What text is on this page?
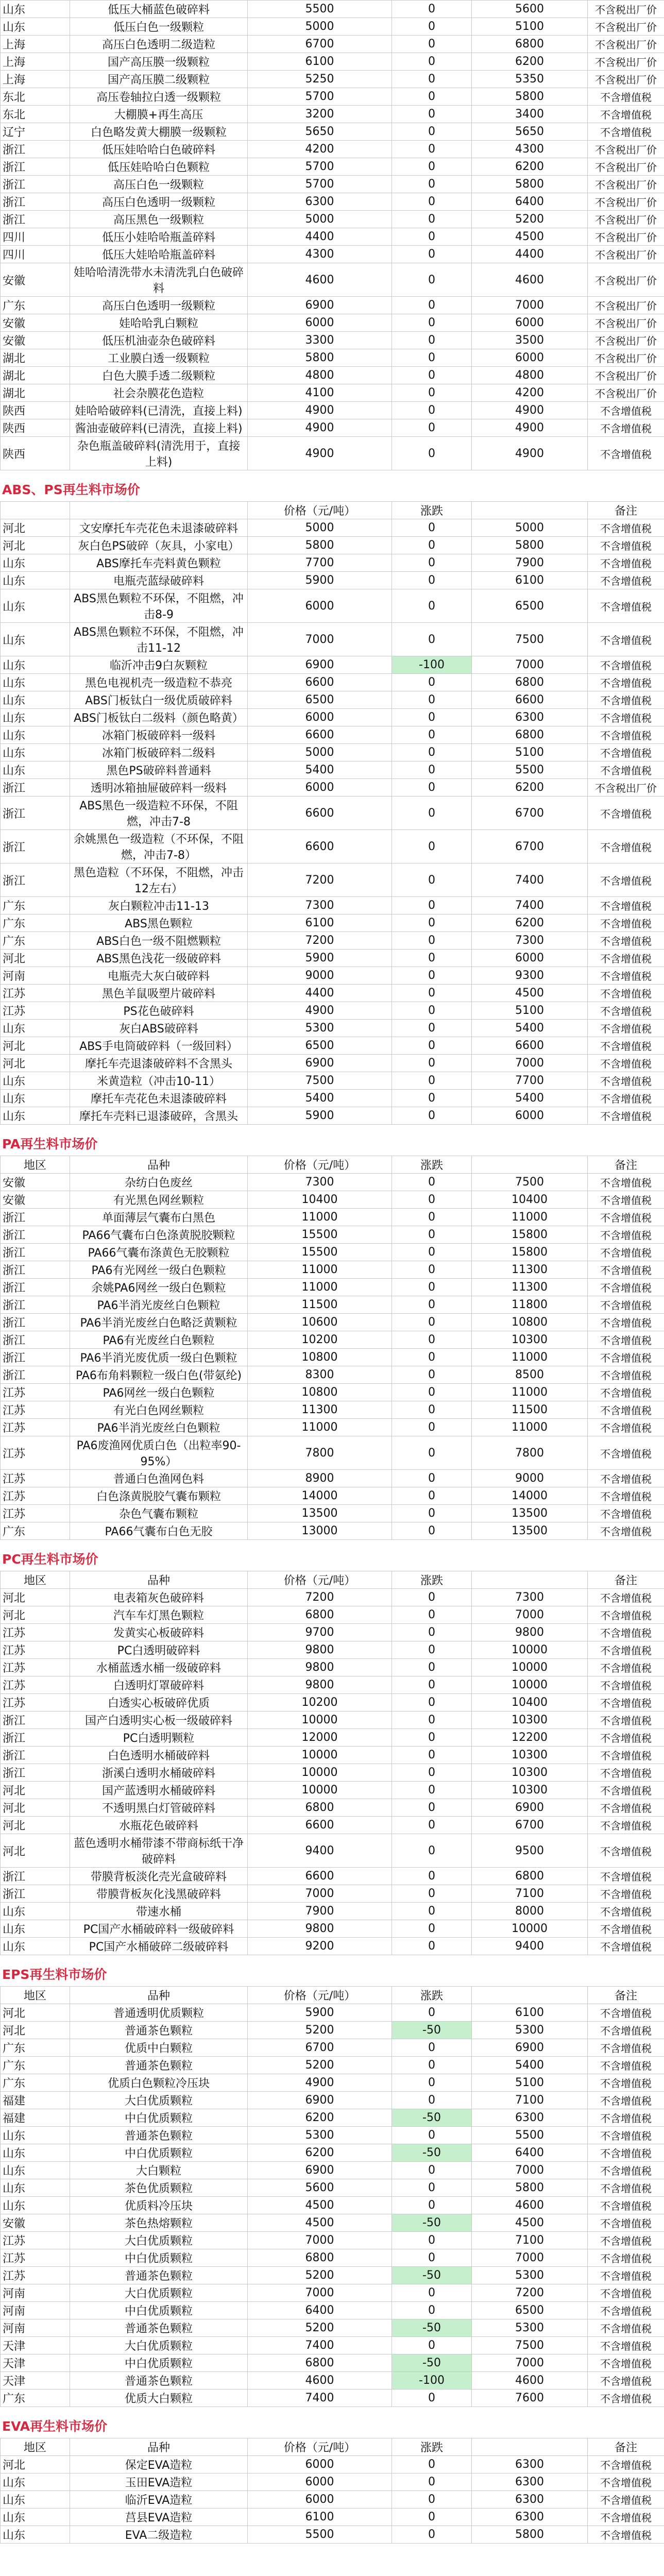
山东	低压大桶蓝色破碎料	5500	0	5600	不含税出厂价
山东	低压白色一级颗粒	5000	0	5100	不含税出厂价
上海	高压白色透明二级造粒	6700	0	6800	不含税出厂价
上海	国产高压膜一级颗粒	6100	0	6200	不含税出厂价
上海	国产高压膜二级颗粒	5250	0	5350	不含税出厂价
东北	高压卷轴拉白透一级颗粒	5700	0	5800	不含增值税
东北	大棚膜+再生高压	3200	0	3400	不含增值税
辽宁	白色略发黄大棚膜一级颗粒	5650	0	5650	不含增值税
浙江	低压娃哈哈白色破碎料	4200	0	4300	不含税出厂价
浙江	低压娃哈哈白色颗粒	5700	0	6200	不含税出厂价
浙江	高压白色一级颗粒	5700	0	5800	不含税出厂价
浙江	高压白色透明一级颗粒	6300	0	6400	不含税出厂价
浙江	高压黑色一级颗粒	5000	0	5200	不含税出厂价
四川	低压小娃哈哈瓶盖碎料	4400	0	4500	不含税出厂价
四川	低压大娃哈哈瓶盖碎料	4300	0	4400	不含税出厂价
安徽	娃哈哈清洗带水未清洗乳白色破碎料	4600	0	4600	不含税出厂价
广东	高压白色透明一级颗粒	6900	0	7000	不含税出厂价
安徽	娃哈哈乳白颗粒	6000	0	6000	不含税出厂价
安徽	低压机油壶杂色破碎料	3300	0	3500	不含税出厂价
湖北	工业膜白透一级颗粒	5800	0	6000	不含税出厂价
湖北	白色大膜手透二级颗粒	4800	0	4800	不含税出厂价
湖北	社会杂膜花色造粒	4100	0	4200	不含税出厂价
陕西	娃哈哈破碎料(已清洗，直接上料)	4900	0	4900	不含增值税
陕西	酱油壶破碎料(已清洗，直接上料)	4900	0	4900	不含增值税
陕西	杂色瓶盖破碎料(清洗用于，直接上料)	4900	0	4900	不含增值税
ABS、PS再生料市场价
		价格（元/吨）	涨跌		备注
河北	文安摩托车壳花色未退漆破碎料	5000	0	5000	不含增值税
河北	灰白色PS破碎（灰具，小家电）	5800	0	5800	不含增值税
山东	ABS摩托车壳料黄色颗粒	7700	0	7900	不含增值税
山东	电瓶壳蓝绿破碎料	5900	0	6100	不含增值税
山东	ABS黑色颗粒不环保，不阻燃，冲击8-9	6000	0	6500	不含增值税
山东	ABS黑色颗粒不环保，不阻燃，冲击11-12	7000	0	7500	不含增值税
山东	临沂冲击9白灰颗粒	6900	-100	7000	不含增值税
山东	黑色电视机壳一级造粒不恭亮	6600	0	6800	不含增值税
山东	ABS门板钛白一级优质破碎料	6500	0	6600	不含增值税
山东	ABS门板钛白二级料（颜色略黄）	6000	0	6300	不含增值税
山东	冰箱门板破碎料一级料	6600	0	6800	不含增值税
山东	冰箱门板破碎料二级料	5000	0	5100	不含增值税
山东	黑色PS破碎料普通料	5400	0	5500	不含增值税
浙江	透明冰箱抽屉破碎料一级料	6000	0	6200	不含税出厂价
浙江	ABS黑色一级造粒不环保，不阻燃，冲击7-8	6600	0	6700	不含增值税
浙江	余姚黑色一级造粒（不环保，不阻燃，冲击7-8）	6600	0	6700	不含增值税
浙江	黑色造粒（不环保，不阻燃，冲击12左右）	7200	0	7400	不含增值税
广东	灰白颗粒冲击11-13	7300	0	7400	不含增值税
广东	ABS黑色颗粒	6100	0	6200	不含增值税
广东	ABS白色一级不阻燃颗粒	7200	0	7300	不含增值税
河北	ABS黑色浅花一级破碎料	5900	0	6000	不含增值税
河南	电瓶壳大灰白破碎料	9000	0	9300	不含增值税
江苏	黑色羊鼠吸塑片破碎料	4400	0	4500	不含增值税
江苏	PS花色破碎料	4900	0	5100	不含增值税
山东	灰白ABS破碎料	5300	0	5400	不含增值税
河北	ABS手电筒破碎料（一级回料）	6500	0	6600	不含增值税
河北	摩托车壳退漆破碎料不含黑头	6900	0	7000	不含增值税
山东	米黄造粒（冲击10-11）	7500	0	7700	不含增值税
山东	摩托车壳花色未退漆破碎料	5400	0	5400	不含增值税
山东	摩托车壳料已退漆破碎，含黑头	5900	0	6000	不含增值税
PA再生料市场价
地区	品种	价格（元/吨）	涨跌		备注
安徽	杂纺白色废丝	7300	0	7500	不含增值税
安徽	有光黑色网丝颗粒	10400	0	10400	不含增值税
浙江	单面薄层气囊布白黑色	11000	0	11000	不含增值税
浙江	PA66气囊布白色涤黄脱胶颗粒	15500	0	15800	不含增值税
浙江	PA66气囊布涤黄色无胶颗粒	15500	0	15800	不含增值税
浙江	PA6有光网丝一级白色颗粒	11000	0	11300	不含增值税
浙江	余姚PA6网丝一级白色颗粒	11000	0	11300	不含增值税
浙江	PA6半消光废丝白色颗粒	11500	0	11800	不含增值税
浙江	PA6半消光废丝白色略泛黄颗粒	10600	0	10800	不含增值税
浙江	PA6有光废丝白色颗粒	10200	0	10300	不含增值税
浙江	PA6半消光废优质一级白色颗粒	10800	0	11000	不含增值税
浙江	PA6布角料颗粒一级白色(带氨纶)	8300	0	8500	不含增值税
江苏	PA6网丝一级白色颗粒	10800	0	11000	不含增值税
江苏	有光白色网丝颗粒	11300	0	11500	不含增值税
江苏	PA6半消光废丝白色颗粒	11000	0	11000	不含增值税
江苏	PA6废渔网优质白色（出粒率90-95%）	7800	0	7800	不含增值税
江苏	普通白色渔网色料	8900	0	9000	不含增值税
江苏	白色涤黄脱胶气囊布颗粒	14000	0	14000	不含增值税
江苏	杂色气囊布颗粒	13500	0	13500	不含增值税
广东	PA66气囊布白色无胶	13000	0	13500	不含增值税
PC再生料市场价
地区	品种	价格（元/吨）	涨跌		备注
河北	电表箱灰色破碎料	7200	0	7300	不含增值税
河北	汽车车灯黑色颗粒	6800	0	7000	不含增值税
江苏	发黄实心板破碎料	9700	0	9800	不含增值税
江苏	PC白透明破碎料	9800	0	10000	不含增值税
江苏	水桶蓝透水桶一级破碎料	9800	0	10000	不含增值税
江苏	白透明灯罩破碎料	9800	0	10000	不含增值税
江苏	白透实心板破碎优质	10200	0	10400	不含增值税
浙江	国产白透明实心板一级破碎料	10000	0	10300	不含增值税
浙江	PC白透明颗粒	12000	0	12200	不含增值税
浙江	白色透明水桶破碎料	10000	0	10300	不含增值税
浙江	浙溪白透明水桶破碎料	10000	0	10300	不含增值税
河北	国产蓝透明水桶破碎料	10000	0	10300	不含增值税
河北	不透明黑白灯管破碎料	6800	0	6900	不含增值税
河北	水瓶花色破碎料	6600	0	6700	不含增值税
河北	蓝色透明水桶带漆不带商标纸干净破碎料	9400	0	9500	不含增值税
浙江	带膜背板淡化壳光盒破碎料	6600	0	6800	不含增值税
浙江	带膜背板灰化浅黑破碎料	7000	0	7100	不含增值税
山东	带速水桶	7900	0	8000	不含增值税
山东	PC国产水桶破碎料一级破碎料	9800	0	10000	不含增值税
山东	PC国产水桶破碎二级破碎料	9200	0	9400	不含增值税
EPS再生料市场价
地区	品种	价格（元/吨）	涨跌		备注
河北	普通透明优质颗粒	5900	0	6100	不含增值税
河北	普通茶色颗粒	5200	-50	5300	不含增值税
广东	优质中白颗粒	6700	0	6900	不含增值税
广东	普通茶色颗粒	5200	0	5400	不含增值税
广东	优质白色颗粒冷压块	4900	0	5100	不含增值税
福建	大白优质颗粒	6900	0	7100	不含增值税
福建	中白优质颗粒	6200	-50	6300	不含增值税
山东	普通茶色颗粒	5300	0	5500	不含增值税
山东	中白优质颗粒	6200	-50	6400	不含增值税
山东	大白颗粒	6900	0	7000	不含增值税
山东	茶色优质颗粒	5600	0	5800	不含增值税
山东	优质料冷压块	4500	0	4600	不含增值税
安徽	茶色热熔颗粒	4500	-50	4500	不含增值税
江苏	大白优质颗粒	7000	0	7100	不含增值税
江苏	中白优质颗粒	6800	0	7000	不含增值税
江苏	普通茶色颗粒	5200	-50	5300	不含增值税
河南	大白优质颗粒	7000	0	7200	不含增值税
河南	中白优质颗粒	6400	0	6500	不含增值税
河南	普通茶色颗粒	5200	-50	5300	不含增值税
天津	大白优质颗粒	7400	0	7500	不含增值税
天津	中白优质颗粒	6800	-50	7000	不含增值税
天津	普通茶色颗粒	4600	-100	4600	不含增值税
广东	优质大白颗粒	7400	0	7600	不含增值税
EVA再生料市场价
地区	品种	价格（元/吨）	涨跌		备注
河北	保定EVA造粒	6000	0	6300	不含增值税
山东	玉田EVA造粒	6000	0	6300	不含增值税
山东	临沂EVA造粒	6000	0	6300	不含增值税
山东	莒县EVA造粒	6100	0	6300	不含增值税
山东	EVA二级造粒	5500	0	5800	不含增值税
